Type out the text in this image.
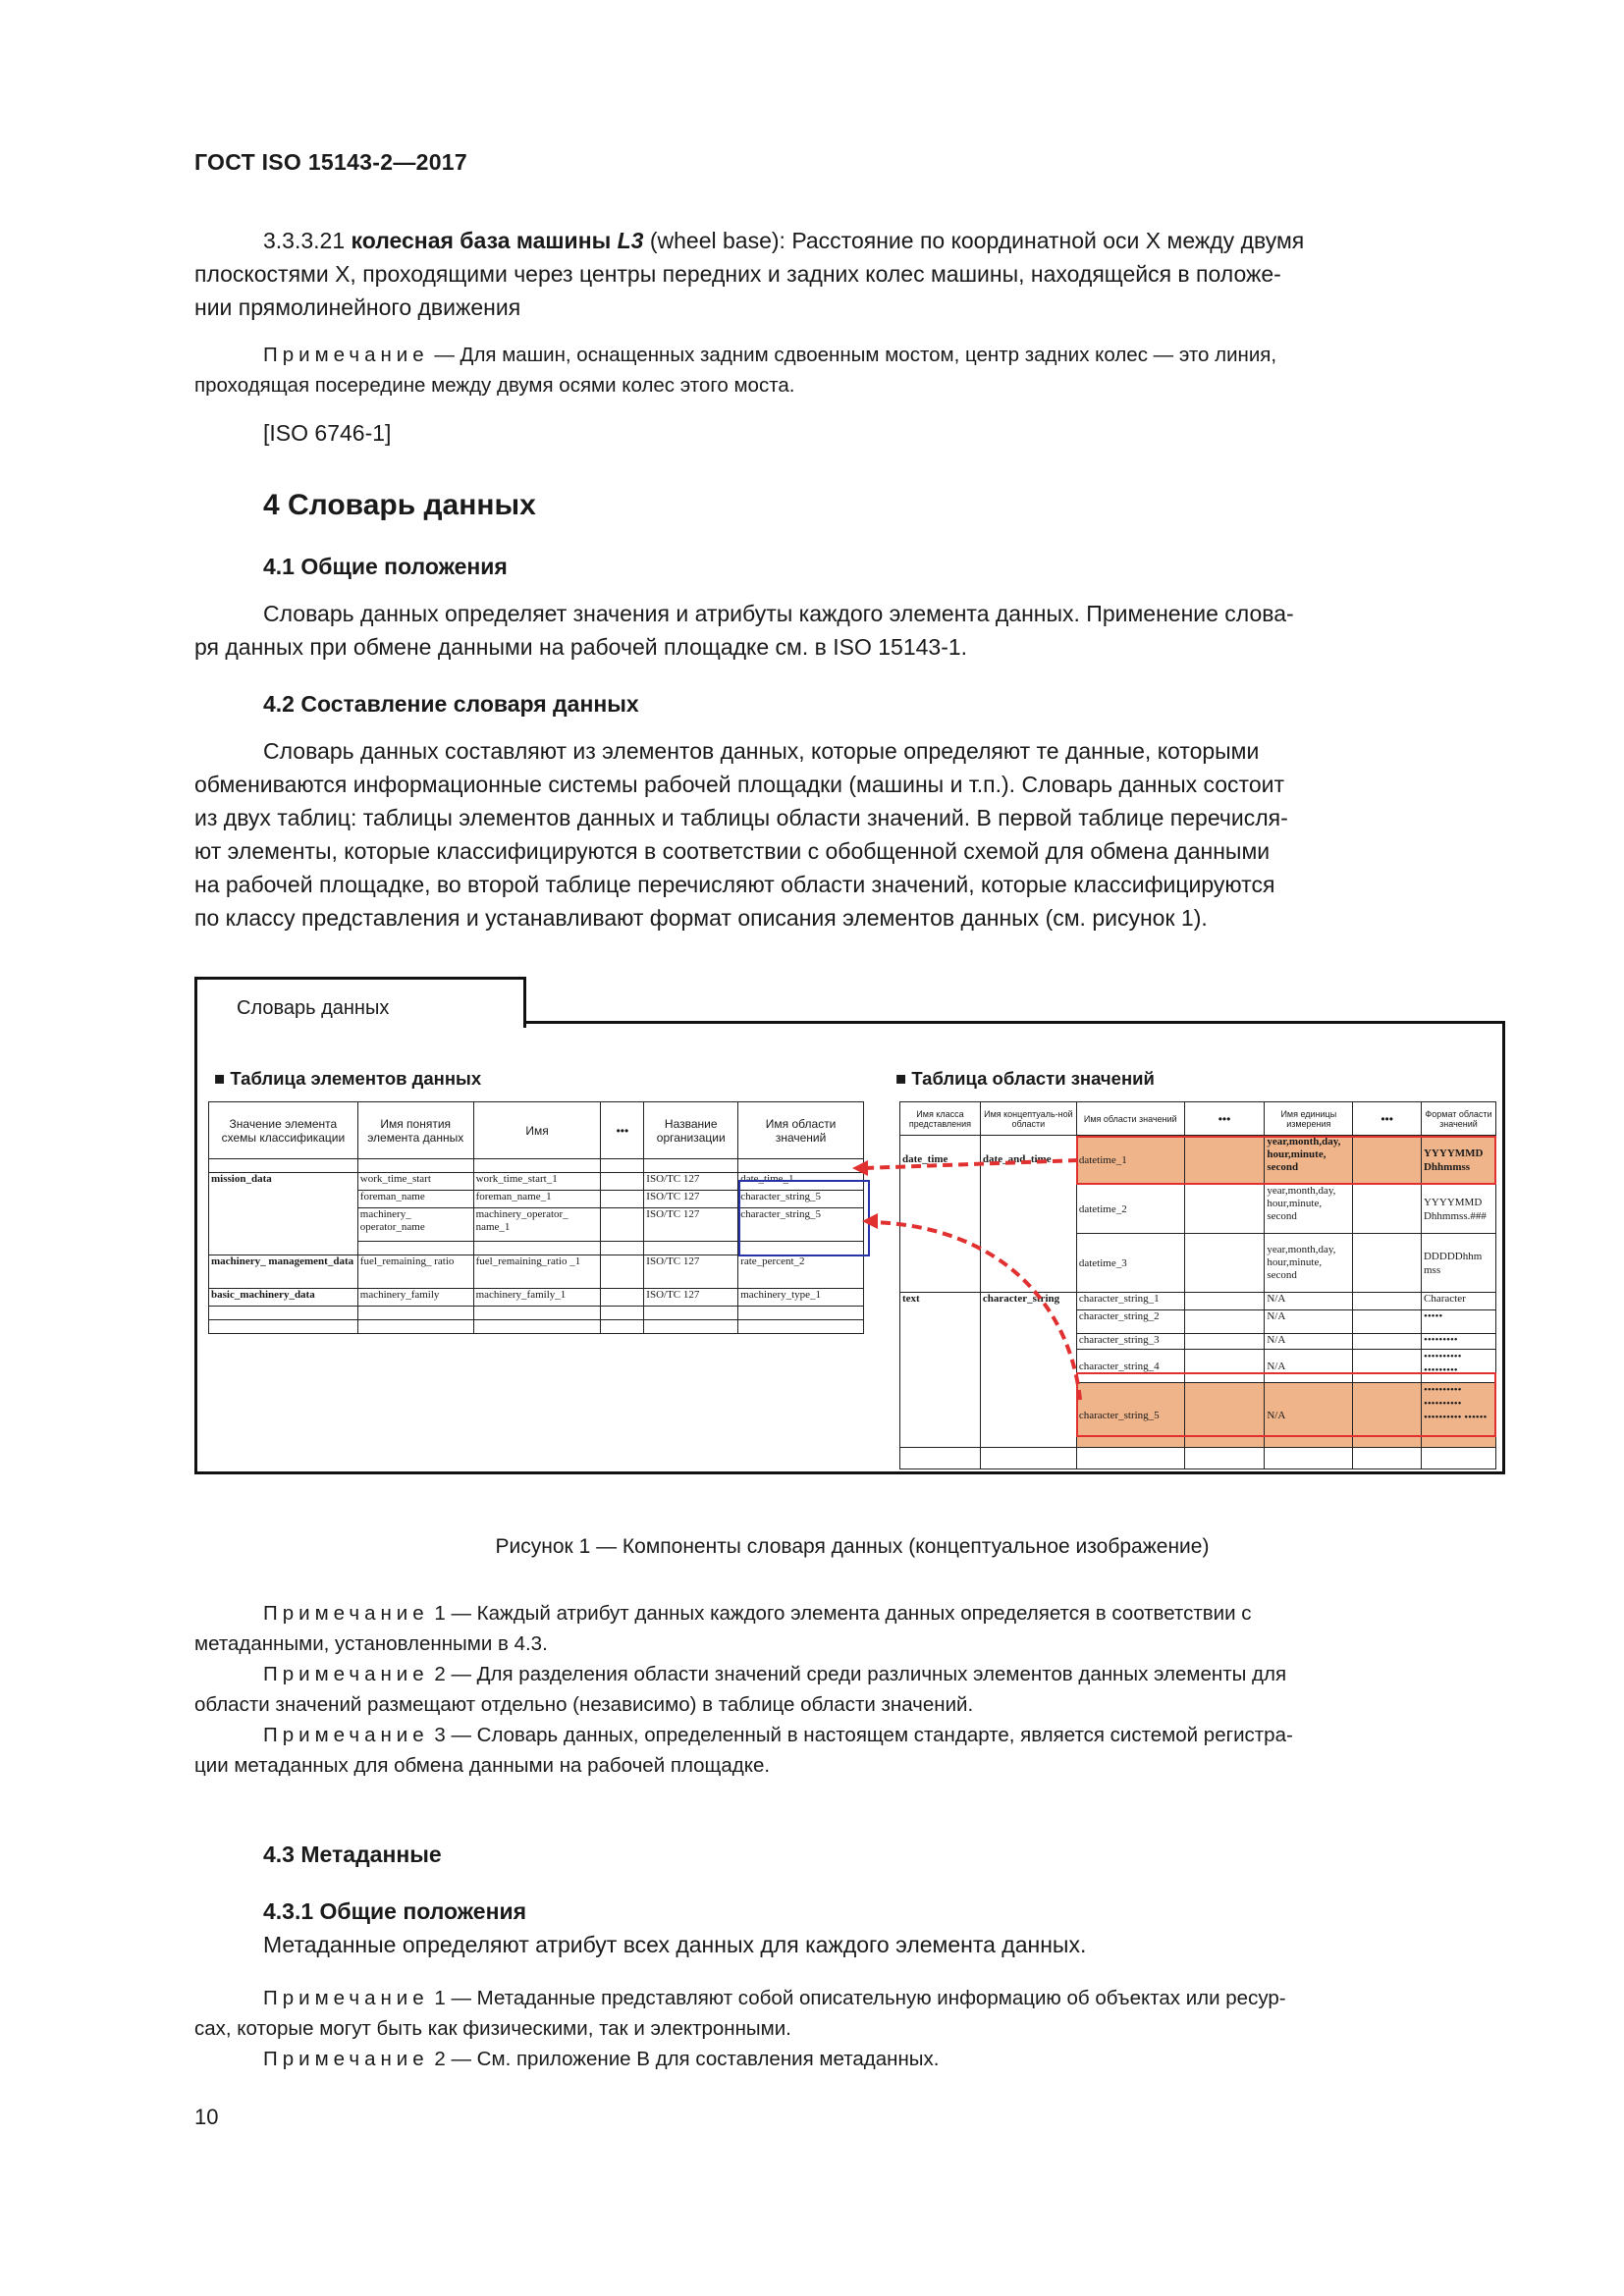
ГОСТ ISO 15143-2—2017
3.3.3.21 колесная база машины L3 (wheel base): Расстояние по координатной оси X между двумя
плоскостями X, проходящими через центры передних и задних колес машины, находящейся в положе-
нии прямолинейного движения
Примечание — Для машин, оснащенных задним сдвоенным мостом, центр задних колес — это линия,
проходящая посередине между двумя осями колес этого моста.
[ISO 6746-1]
4 Словарь данных
4.1 Общие положения
Словарь данных определяет значения и атрибуты каждого элемента данных. Применение слова-
ря данных при обмене данными на рабочей площадке см. в ISO 15143-1.
4.2 Составление словаря данных
Словарь данных составляют из элементов данных, которые определяют те данные, которыми
обмениваются информационные системы рабочей площадки (машины и т.п.). Словарь данных состоит
из двух таблиц: таблицы элементов данных и таблицы области значений. В первой таблице перечисля-
ют элементы, которые классифицируются в соответствии с обобщенной схемой для обмена данными
на рабочей площадке, во второй таблице перечисляют области значений, которые классифицируются
по классу представления и устанавливают формат описания элементов данных (см. рисунок 1).
Словарь данных
■ Таблица элементов данных	■ Таблица области значений
Значение элемента схемы классификации	Имя понятия элемента данных	Имя	•••	Название организации	Имя области значений

mission_data	work_time_start	work_time_start_1		ISO/TC 127	date_time_1
	foreman_name	foreman_name_1		ISO/TC 127	character_string_5
	machinery_ operator_name	machinery_operator_ name_1		ISO/TC 127	character_string_5

machinery_ management_data	fuel_remaining_ ratio	fuel_remaining_ratio _1		ISO/TC 127	rate_percent_2
basic_machinery_data	machinery_family	machinery_family_1		ISO/TC 127	machinery_type_1

Имя класса представления	Имя концептуаль-ной области	Имя области значений	•••	Имя единицы измерения	•••	Формат области значений
date_time	date_and_time	datetime_1		year,month,day, hour,minute, second		YYYYMMD Dhhmmss
		datetime_2		year,month,day, hour,minute, second		YYYYMMD Dhhmmss.###
		datetime_3		year,month,day, hour,minute, second		DDDDDhhm mss
text	character_string	character_string_1		N/A		Character
		character_string_2		N/A		•••••
		character_string_3		N/A		•••••••••
		character_string_4		N/A		•••••••••• •••••••••
		character_string_5		N/A		•••••••••• •••••••••• •••••••••• ••••••

Рисунок 1 — Компоненты словаря данных (концептуальное изображение)
Примечание 1 — Каждый атрибут данных каждого элемента данных определяется в соответствии с
метаданными, установленными в 4.3.
Примечание 2 — Для разделения области значений среди различных элементов данных элементы для
области значений размещают отдельно (независимо) в таблице области значений.
Примечание 3 — Словарь данных, определенный в настоящем стандарте, является системой регистра-
ции метаданных для обмена данными на рабочей площадке.
4.3 Метаданные
4.3.1 Общие положения
Метаданные определяют атрибут всех данных для каждого элемента данных.
Примечание 1 — Метаданные представляют собой описательную информацию об объектах или ресур-
сах, которые могут быть как физическими, так и электронными.
Примечание 2 — См. приложение В для составления метаданных.
10
